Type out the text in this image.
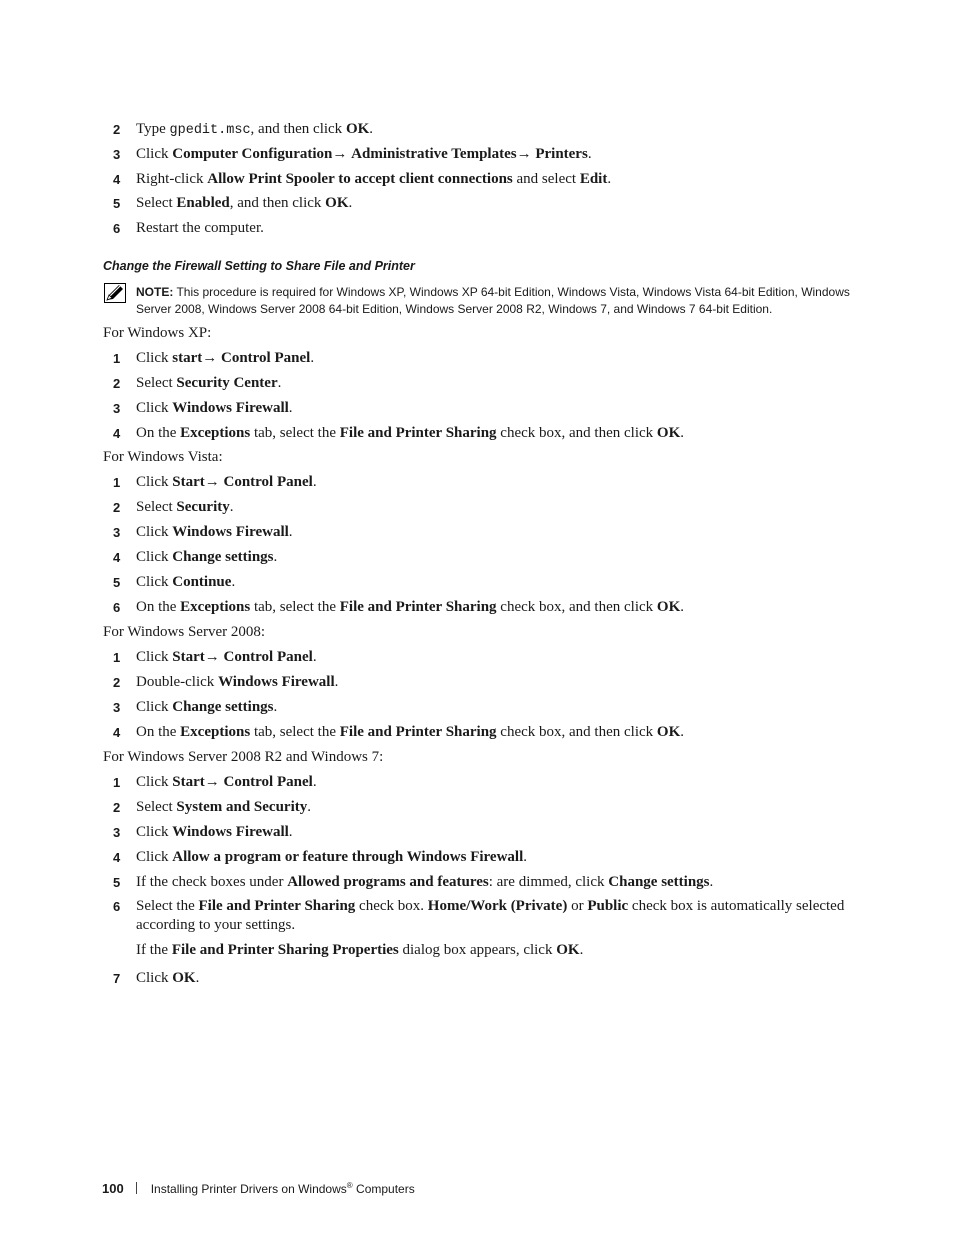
2	Type gpedit.msc, and then click OK.
3	Click Computer Configuration→ Administrative Templates→ Printers.
4	Right-click Allow Print Spooler to accept client connections and select Edit.
5	Select Enabled, and then click OK.
6	Restart the computer.
Change the Firewall Setting to Share File and Printer
NOTE: This procedure is required for Windows XP, Windows XP 64-bit Edition, Windows Vista, Windows Vista 64-bit Edition, Windows Server 2008, Windows Server 2008 64-bit Edition, Windows Server 2008 R2, Windows 7, and Windows 7 64-bit Edition.
For Windows XP:
1	Click start→ Control Panel.
2	Select Security Center.
3	Click Windows Firewall.
4	On the Exceptions tab, select the File and Printer Sharing check box, and then click OK.
For Windows Vista:
1	Click Start→ Control Panel.
2	Select Security.
3	Click Windows Firewall.
4	Click Change settings.
5	Click Continue.
6	On the Exceptions tab, select the File and Printer Sharing check box, and then click OK.
For Windows Server 2008:
1	Click Start→ Control Panel.
2	Double-click Windows Firewall.
3	Click Change settings.
4	On the Exceptions tab, select the File and Printer Sharing check box, and then click OK.
For Windows Server 2008 R2 and Windows 7:
1	Click Start→ Control Panel.
2	Select System and Security.
3	Click Windows Firewall.
4	Click Allow a program or feature through Windows Firewall.
5	If the check boxes under Allowed programs and features: are dimmed, click Change settings.
6	Select the File and Printer Sharing check box. Home/Work (Private) or Public check box is automatically selected according to your settings.
If the File and Printer Sharing Properties dialog box appears, click OK.
7	Click OK.
100 Installing Printer Drivers on Windows® Computers
